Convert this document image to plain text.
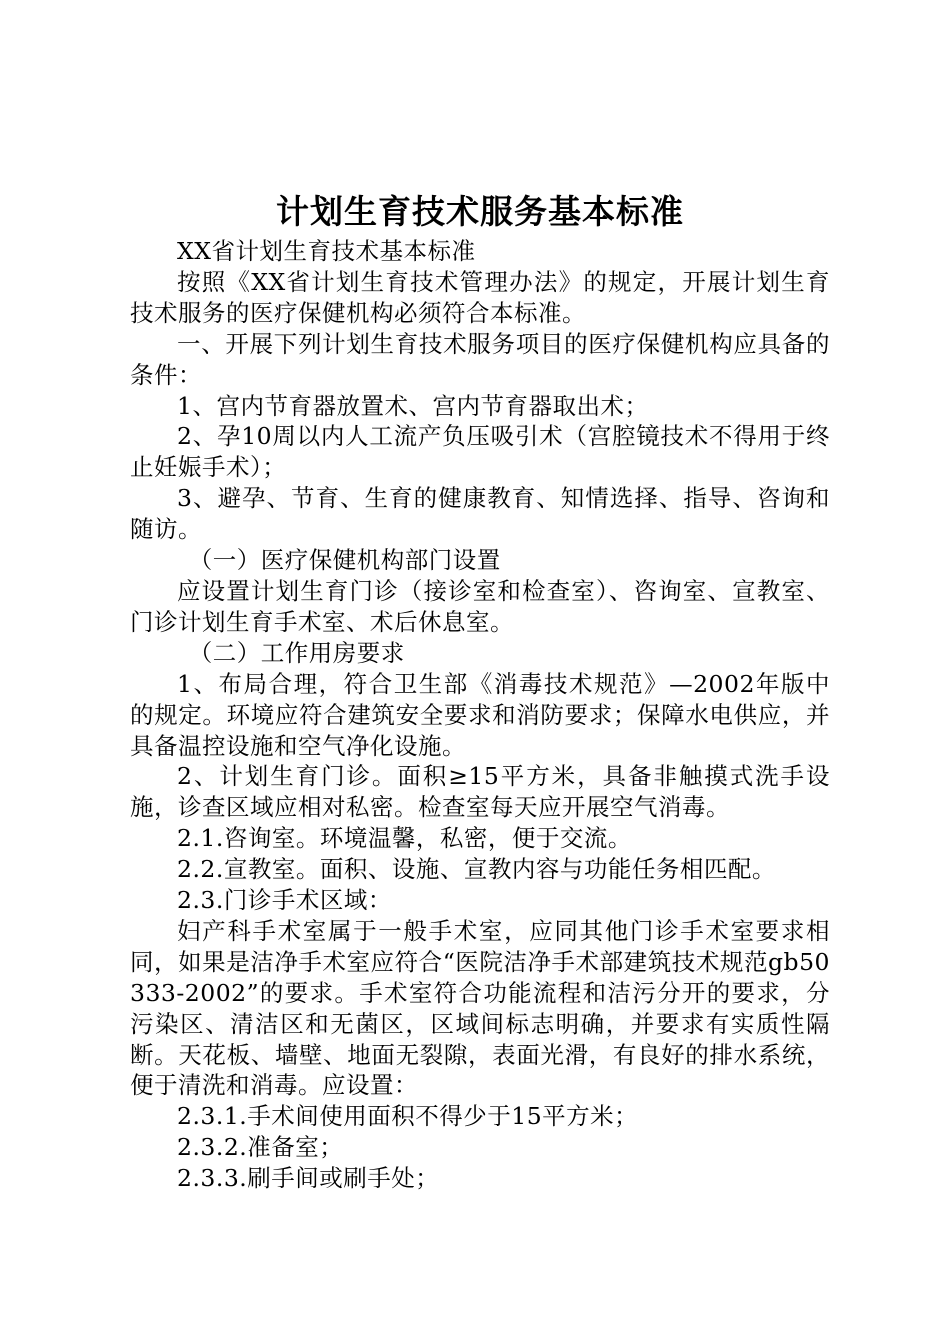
计划生育技术服务基本标准

XX省计划生育技术基本标准

按照《XX省计划生育技术管理办法》的规定，开展计划生育技术服务的医疗保健机构必须符合本标准。

一、开展下列计划生育技术服务项目的医疗保健机构应具备的条件：

1、宫内节育器放置术、宫内节育器取出术；

2、孕10周以内人工流产负压吸引术（宫腔镜技术不得用于终止妊娠手术）；

3、避孕、节育、生育的健康教育、知情选择、指导、咨询和随访。

（一）医疗保健机构部门设置

应设置计划生育门诊（接诊室和检查室）、咨询室、宣教室、门诊计划生育手术室、术后休息室。

（二）工作用房要求

1、布局合理，符合卫生部《消毒技术规范》—2002年版中的规定。环境应符合建筑安全要求和消防要求；保障水电供应，并具备温控设施和空气净化设施。

2、计划生育门诊。面积≥15平方米，具备非触摸式洗手设施，诊查区域应相对私密。检查室每天应开展空气消毒。

2.1.咨询室。环境温馨，私密，便于交流。

2.2.宣教室。面积、设施、宣教内容与功能任务相匹配。

2.3.门诊手术区域：

妇产科手术室属于一般手术室，应同其他门诊手术室要求相同，如果是洁净手术室应符合“医院洁净手术部建筑技术规范gb50333-2002”的要求。手术室符合功能流程和洁污分开的要求，分污染区、清洁区和无菌区，区域间标志明确，并要求有实质性隔断。天花板、墙壁、地面无裂隙，表面光滑，有良好的排水系统，便于清洗和消毒。应设置：

2.3.1.手术间使用面积不得少于15平方米；

2.3.2.准备室；

2.3.3.刷手间或刷手处；
